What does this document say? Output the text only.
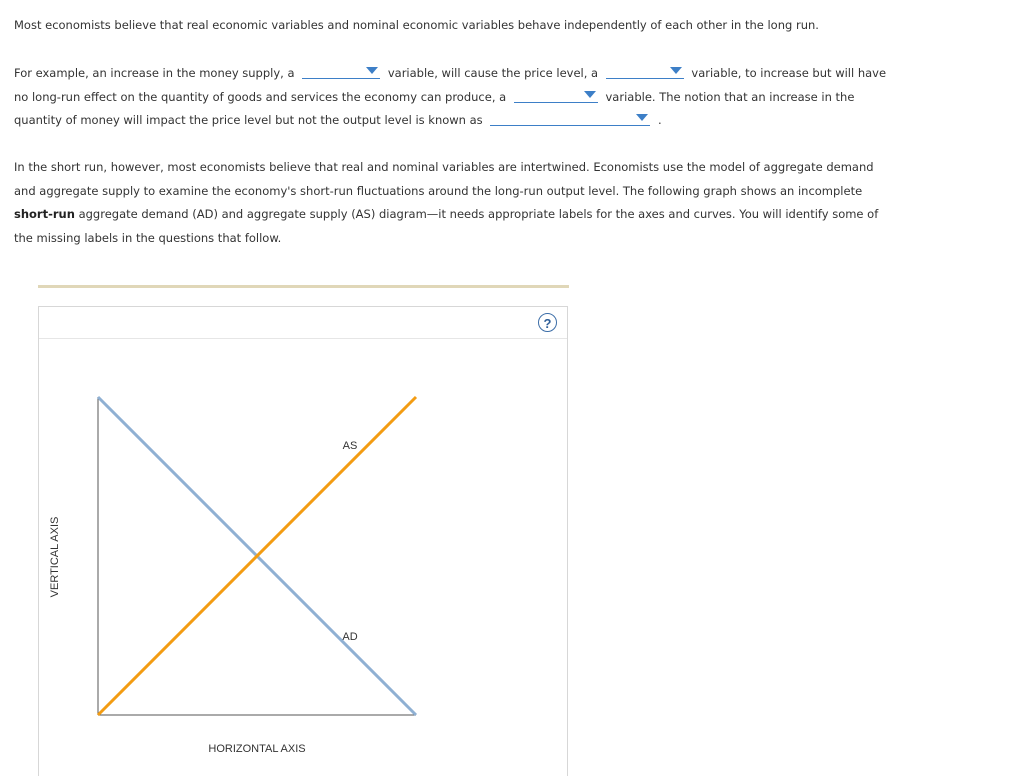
Most economists believe that real economic variables and nominal economic variables behave independently of each other in the long run.

For example, an increase in the money supply, a	variable, will cause the price level, a	variable, to increase but will have
no long-run effect on the quantity of goods and services the economy can produce, a	variable. The notion that an increase in the
quantity of money will impact the price level but not the output level is known as	.
In the short run, however, most economists believe that real and nominal variables are intertwined. Economists use the model of aggregate demand
and aggregate supply to examine the economy's short-run fluctuations around the long-run output level. The following graph shows an incomplete
short-run aggregate demand (AD) and aggregate supply (AS) diagram—it needs appropriate labels for the axes and curves. You will identify some of
the missing labels in the questions that follow.
?
AS
AD
HORIZONTAL AXIS
VERTICAL AXIS
